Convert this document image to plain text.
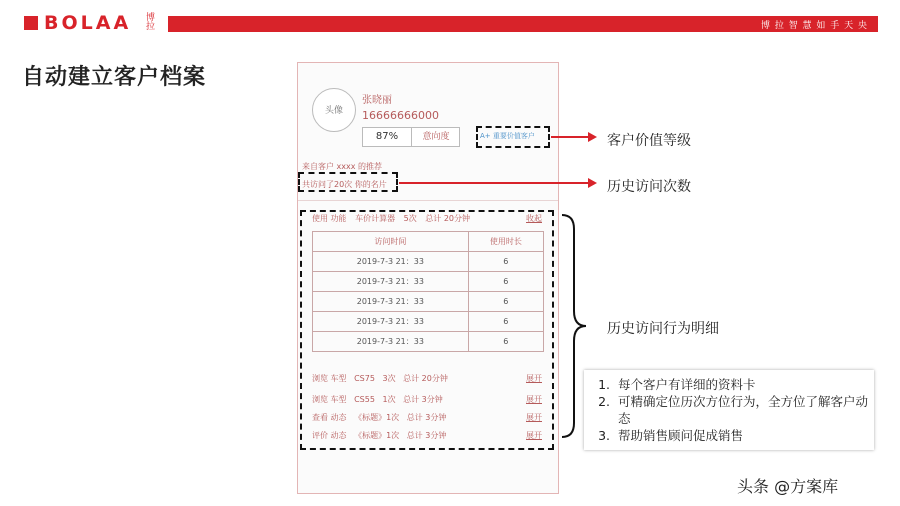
BOLAA 博拉	博 拉 智 慧 如 手 天 央
自动建立客户档案
头像
张晓丽
16666666000
87%	意向度	A+ 重要价值客户
来自客户 xxxx 的推荐
共访问了20次 你的名片
使用 功能 车价计算器 5次 总计 20分钟	收起
访问时间	使用时长
2019-7-3 21：33	6
2019-7-3 21：33	6
2019-7-3 21：33	6
2019-7-3 21：33	6
2019-7-3 21：33	6
浏览 车型 CS75 3次 总计 20分钟	展开
浏览 车型 CS55 1次 总计 3分钟	展开
查看 动态 《标题》1次 总计 3分钟	展开
评价 动态 《标题》1次 总计 3分钟	展开
客户价值等级
历史访问次数
历史访问行为明细
1. 每个客户有详细的资料卡
2. 可精确定位历次方位行为，全方位了解客户动态
3. 帮助销售顾问促成销售
头条 @方案库
